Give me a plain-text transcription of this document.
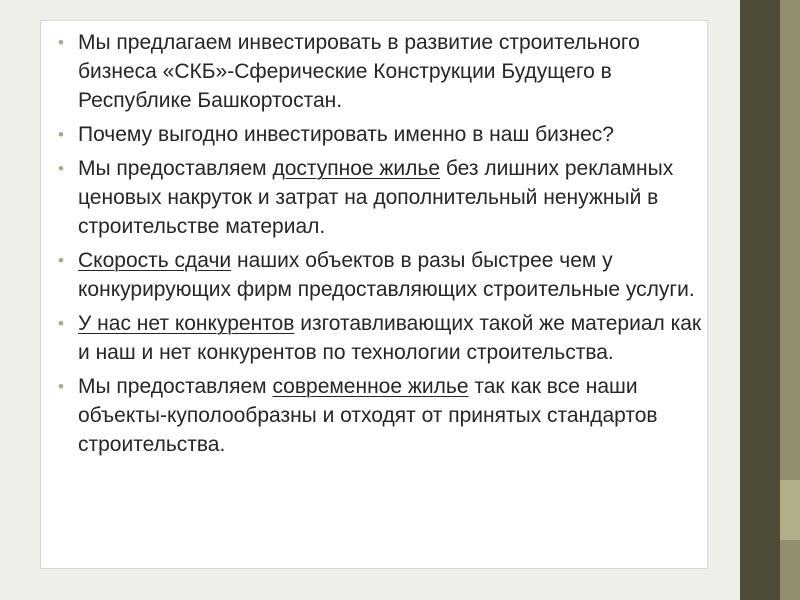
• Мы предлагаем инвестировать в развитие строительного бизнеса «СКБ»-Сферические Конструкции Будущего в Республике Башкортостан.
• Почему выгодно инвестировать именно в наш бизнес?
• Мы предоставляем доступное жилье без лишних рекламных ценовых накруток и затрат на дополнительный ненужный в строительстве материал.
• Скорость сдачи наших объектов в разы быстрее чем у конкурирующих фирм предоставляющих строительные услуги.
• У нас нет конкурентов изготавливающих такой же материал как и наш и нет конкурентов по технологии строительства.
• Мы предоставляем современное жилье так как все наши объекты-куполообразны и отходят от принятых стандартов строительства.
